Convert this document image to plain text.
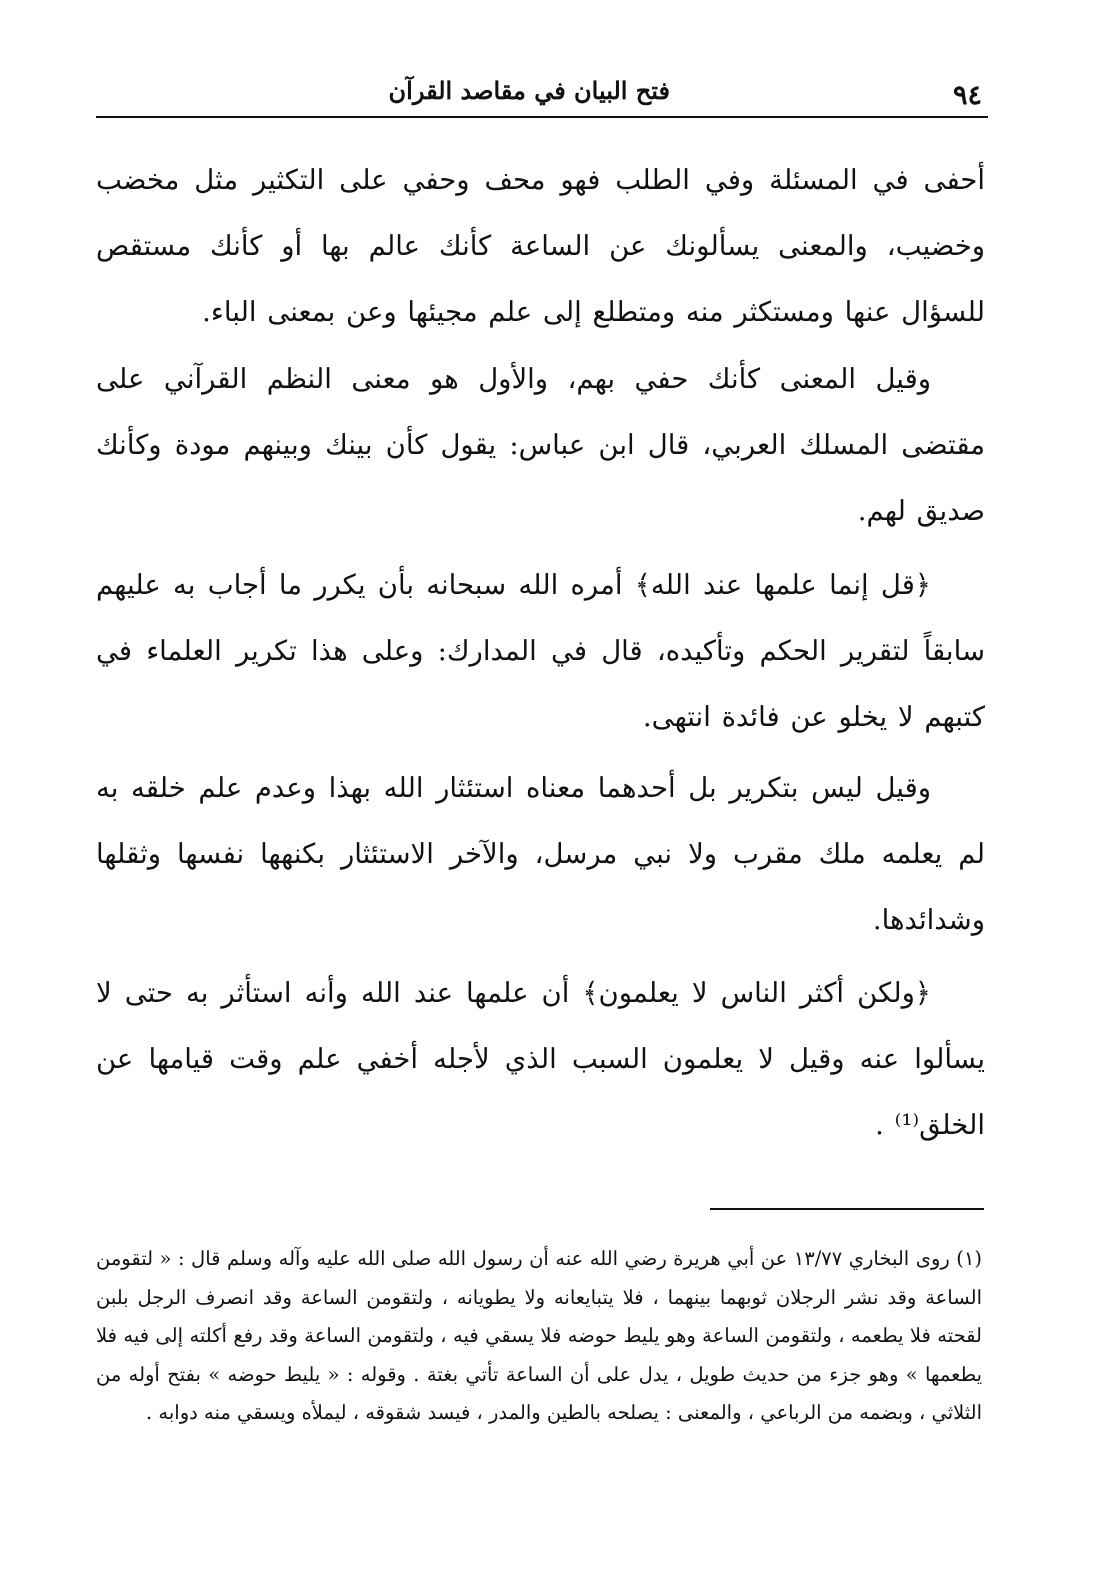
٩٤
فتح البيان في مقاصد القرآن
أحفى في المسئلة وفي الطلب فهو محف وحفي على التكثير مثل مخضب وخضيب، والمعنى يسألونك عن الساعة كأنك عالم بها أو كأنك مستقص للسؤال عنها ومستكثر منه ومتطلع إلى علم مجيئها وعن بمعنى الباء.
وقيل المعنى كأنك حفي بهم، والأول هو معنى النظم القرآني على مقتضى المسلك العربي، قال ابن عباس: يقول كأن بينك وبينهم مودة وكأنك صديق لهم.
﴿قل إنما علمها عند الله﴾ أمره الله سبحانه بأن يكرر ما أجاب به عليهم سابقاً لتقرير الحكم وتأكيده، قال في المدارك: وعلى هذا تكرير العلماء في كتبهم لا يخلو عن فائدة انتهى.
وقيل ليس بتكرير بل أحدهما معناه استئثار الله بهذا وعدم علم خلقه به لم يعلمه ملك مقرب ولا نبي مرسل، والآخر الاستئثار بكنهها نفسها وثقلها وشدائدها.
﴿ولكن أكثر الناس لا يعلمون﴾ أن علمها عند الله وأنه استأثر به حتى لا يسألوا عنه وقيل لا يعلمون السبب الذي لأجله أخفي علم وقت قيامها عن الخلق⁽¹⁾ .
(١) روى البخاري ١٣/٧٧ عن أبي هريرة رضي الله عنه أن رسول الله صلى الله عليه وآله وسلم قال : « لتقومن الساعة وقد نشر الرجلان ثوبهما بينهما ، فلا يتبايعانه ولا يطويانه ، ولتقومن الساعة وقد انصرف الرجل بلبن لقحته فلا يطعمه ، ولتقومن الساعة وهو يليط حوضه فلا يسقي فيه ، ولتقومن الساعة وقد رفع أكلته إلى فيه فلا يطعمها » وهو جزء من حديث طويل ، يدل على أن الساعة تأتي بغتة . وقوله : « يليط حوضه » بفتح أوله من الثلاثي ، وبضمه من الرباعي ، والمعنى : يصلحه بالطين والمدر ، فيسد شقوقه ، ليملأه ويسقي منه دوابه .
